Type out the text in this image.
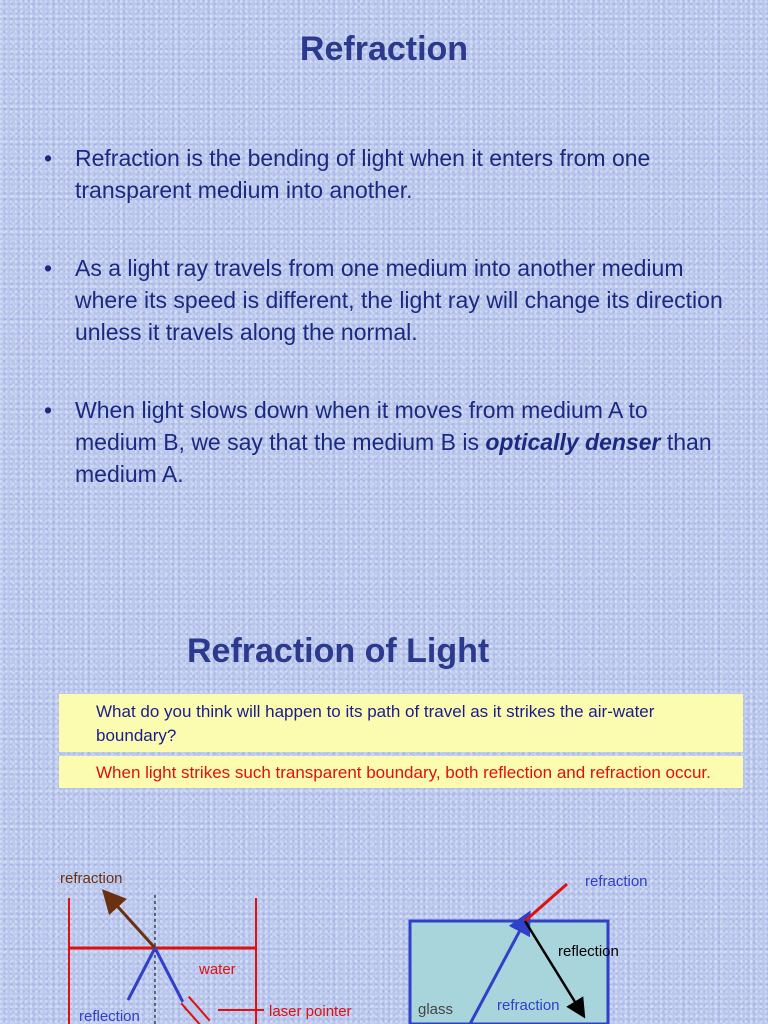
Refraction
• Refraction is the bending of light when it enters from one transparent medium into another.
• As a light ray travels from one medium into another medium where its speed is different, the light ray will change its direction unless it travels along the normal.
• When light slows down when it moves from medium A to medium B, we say that the medium B is optically denser than medium A.
Refraction of Light
What do you think will happen to its path of travel as it strikes the air-water boundary?
When light strikes such transparent boundary, both reflection and refraction occur.
refraction
water
reflection	laser pointer
refraction
reflection
glass	refraction
